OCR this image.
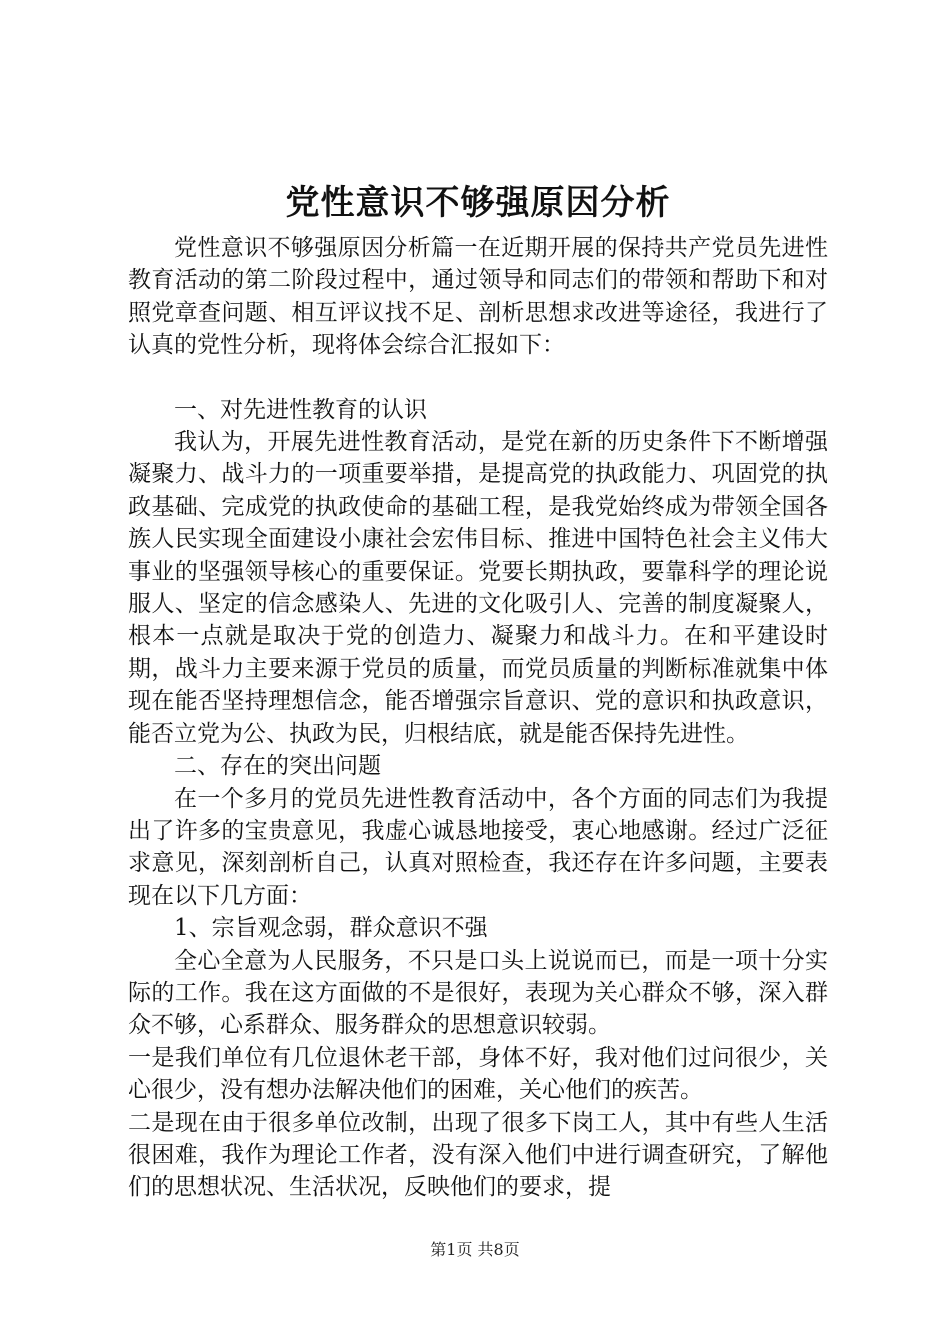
党性意识不够强原因分析

党性意识不够强原因分析篇一在近期开展的保持共产党员先进性教育活动的第二阶段过程中，通过领导和同志们的带领和帮助下和对照党章查问题、相互评议找不足、剖析思想求改进等途径，我进行了认真的党性分析，现将体会综合汇报如下：

一、对先进性教育的认识

我认为，开展先进性教育活动，是党在新的历史条件下不断增强凝聚力、战斗力的一项重要举措，是提高党的执政能力、巩固党的执政基础、完成党的执政使命的基础工程，是我党始终成为带领全国各族人民实现全面建设小康社会宏伟目标、推进中国特色社会主义伟大事业的坚强领导核心的重要保证。党要长期执政，要靠科学的理论说服人、坚定的信念感染人、先进的文化吸引人、完善的制度凝聚人，根本一点就是取决于党的创造力、凝聚力和战斗力。在和平建设时期，战斗力主要来源于党员的质量，而党员质量的判断标准就集中体现在能否坚持理想信念，能否增强宗旨意识、党的意识和执政意识，能否立党为公、执政为民，归根结底，就是能否保持先进性。

二、存在的突出问题

在一个多月的党员先进性教育活动中，各个方面的同志们为我提出了许多的宝贵意见，我虚心诚恳地接受，衷心地感谢。经过广泛征求意见，深刻剖析自己，认真对照检查，我还存在许多问题，主要表现在以下几方面：

1、宗旨观念弱，群众意识不强

全心全意为人民服务，不只是口头上说说而已，而是一项十分实际的工作。我在这方面做的不是很好，表现为关心群众不够，深入群众不够，心系群众、服务群众的思想意识较弱。

一是我们单位有几位退休老干部，身体不好，我对他们过问很少，关心很少，没有想办法解决他们的困难，关心他们的疾苦。

二是现在由于很多单位改制，出现了很多下岗工人，其中有些人生活很困难，我作为理论工作者，没有深入他们中进行调查研究，了解他们的思想状况、生活状况，反映他们的要求，提

第1页 共8页
